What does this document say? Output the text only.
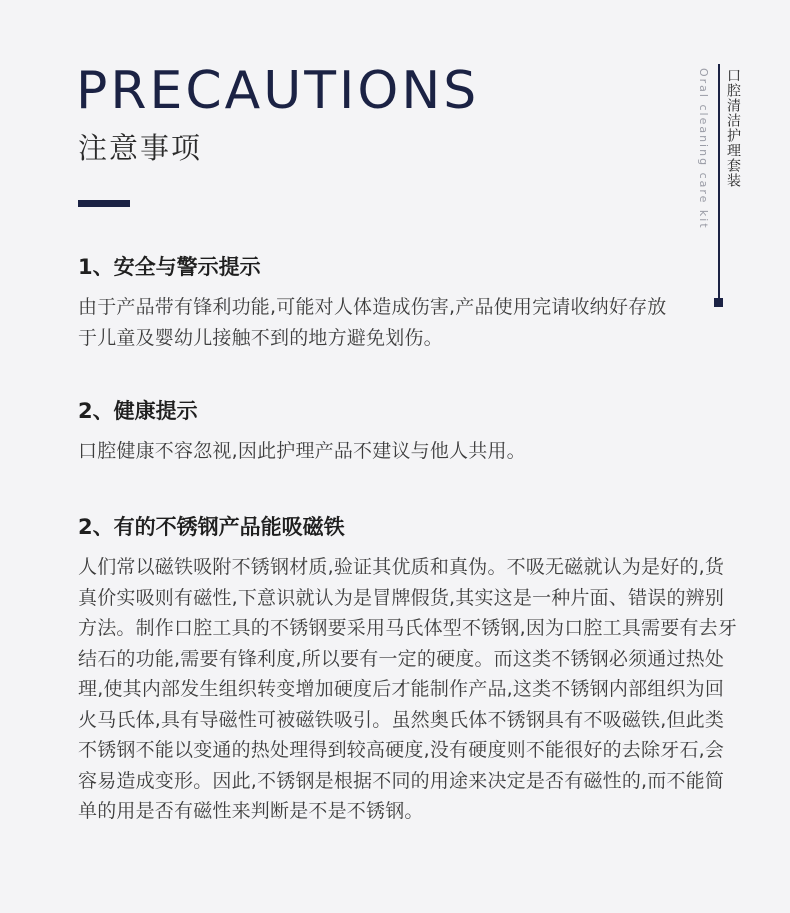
PRECAUTIONS
注意事项	Oral cleaning care kit	口腔清洁护理套装
1、安全与警示提示

由于产品带有锋利功能,可能对人体造成伤害,产品使用完请收纳好存放于儿童及婴幼儿接触不到的地方避免划伤。

2、健康提示

口腔健康不容忽视,因此护理产品不建议与他人共用。

2、有的不锈钢产品能吸磁铁

人们常以磁铁吸附不锈钢材质,验证其优质和真伪。不吸无磁就认为是好的,货真价实吸则有磁性,下意识就认为是冒牌假货,其实这是一种片面、错误的辨别方法。制作口腔工具的不锈钢要采用马氏体型不锈钢,因为口腔工具需要有去牙结石的功能,需要有锋利度,所以要有一定的硬度。而这类不锈钢必须通过热处理,使其内部发生组织转变增加硬度后才能制作产品,这类不锈钢内部组织为回火马氏体,具有导磁性可被磁铁吸引。虽然奥氏体不锈钢具有不吸磁铁,但此类不锈钢不能以变通的热处理得到较高硬度,没有硬度则不能很好的去除牙石,会容易造成变形。因此,不锈钢是根据不同的用途来决定是否有磁性的,而不能简单的用是否有磁性来判断是不是不锈钢。
